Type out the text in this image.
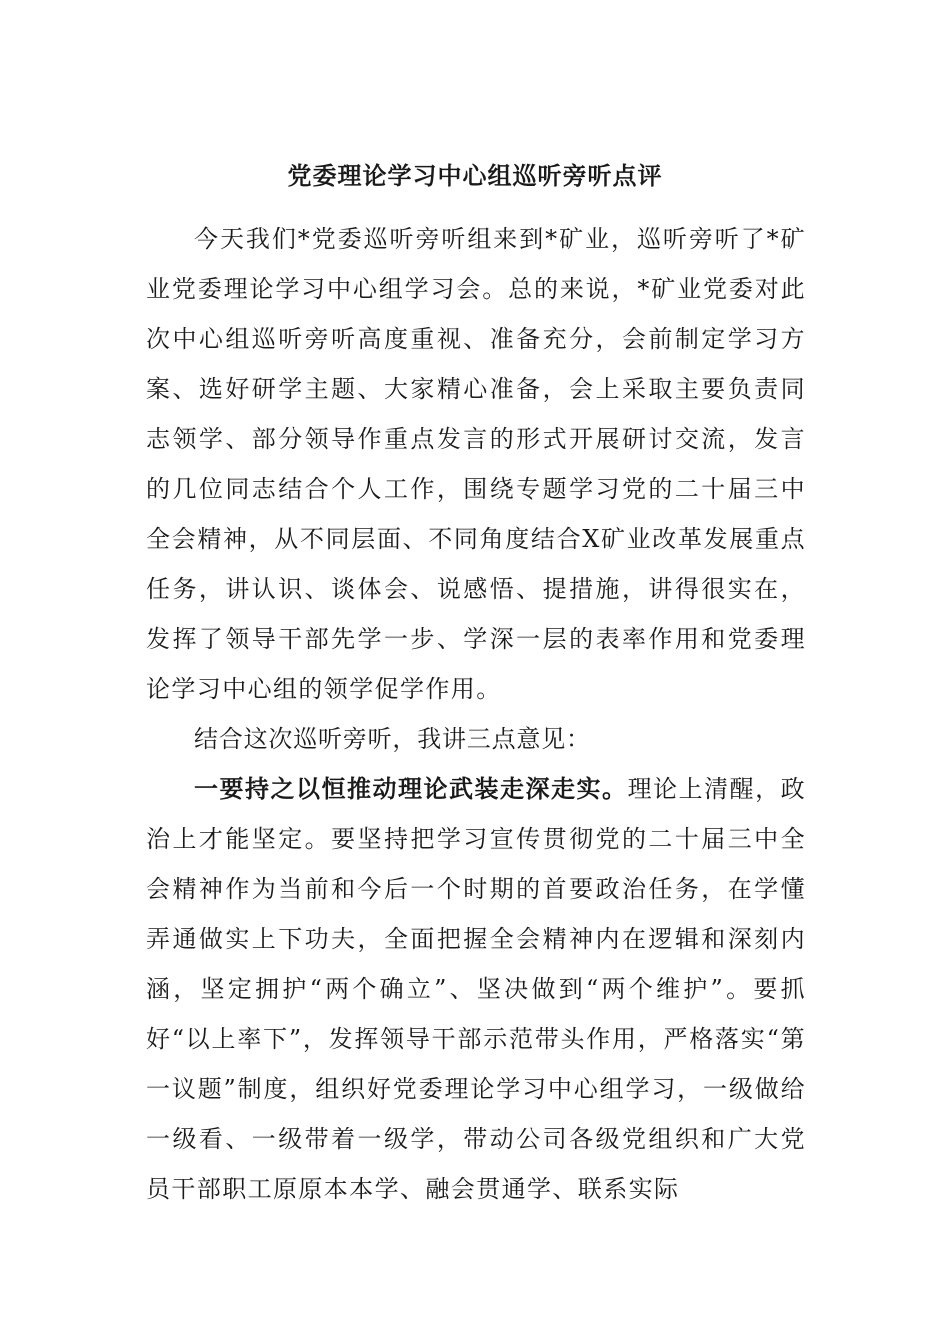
党委理论学习中心组巡听旁听点评

今天我们*党委巡听旁听组来到*矿业，巡听旁听了*矿业党委理论学习中心组学习会。总的来说，*矿业党委对此次中心组巡听旁听高度重视、准备充分，会前制定学习方案、选好研学主题、大家精心准备，会上采取主要负责同志领学、部分领导作重点发言的形式开展研讨交流，发言的几位同志结合个人工作，围绕专题学习党的二十届三中全会精神，从不同层面、不同角度结合X矿业改革发展重点任务，讲认识、谈体会、说感悟、提措施，讲得很实在，发挥了领导干部先学一步、学深一层的表率作用和党委理论学习中心组的领学促学作用。

结合这次巡听旁听，我讲三点意见：

一要持之以恒推动理论武装走深走实。理论上清醒，政治上才能坚定。要坚持把学习宣传贯彻党的二十届三中全会精神作为当前和今后一个时期的首要政治任务，在学懂弄通做实上下功夫，全面把握全会精神内在逻辑和深刻内涵，坚定拥护“两个确立”、坚决做到“两个维护”。要抓好“以上率下”，发挥领导干部示范带头作用，严格落实“第一议题”制度，组织好党委理论学习中心组学习，一级做给一级看、一级带着一级学，带动公司各级党组织和广大党员干部职工原原本本学、融会贯通学、联系实际
